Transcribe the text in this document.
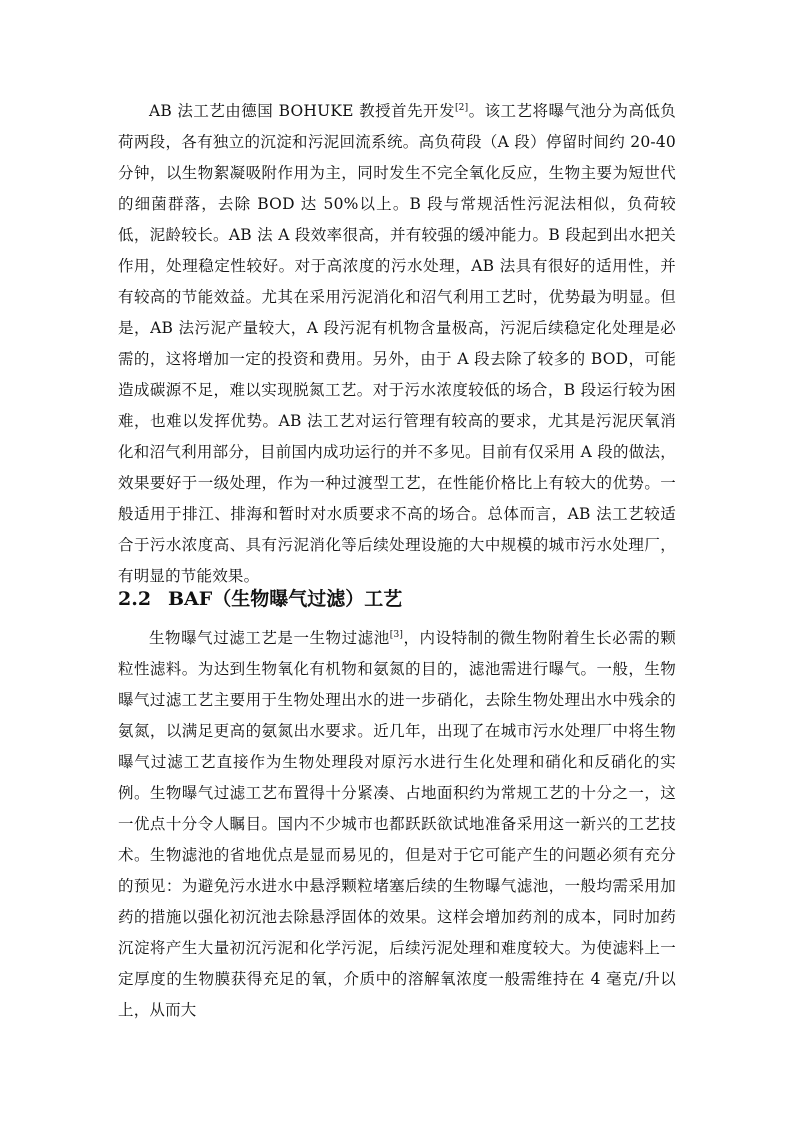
AB 法工艺由德国 BOHUKE 教授首先开发[2]。该工艺将曝气池分为高低负荷两段，各有独立的沉淀和污泥回流系统。高负荷段（A 段）停留时间约 20-40 分钟，以生物絮凝吸附作用为主，同时发生不完全氧化反应，生物主要为短世代的细菌群落，去除 BOD 达 50%以上。B 段与常规活性污泥法相似，负荷较低，泥龄较长。AB 法 A 段效率很高，并有较强的缓冲能力。B 段起到出水把关作用，处理稳定性较好。对于高浓度的污水处理，AB 法具有很好的适用性，并有较高的节能效益。尤其在采用污泥消化和沼气利用工艺时，优势最为明显。但是，AB 法污泥产量较大，A 段污泥有机物含量极高，污泥后续稳定化处理是必需的，这将增加一定的投资和费用。另外，由于 A 段去除了较多的 BOD，可能造成碳源不足，难以实现脱氮工艺。对于污水浓度较低的场合，B 段运行较为困难，也难以发挥优势。AB 法工艺对运行管理有较高的要求，尤其是污泥厌氧消化和沼气利用部分，目前国内成功运行的并不多见。目前有仅采用 A 段的做法，效果要好于一级处理，作为一种过渡型工艺，在性能价格比上有较大的优势。一般适用于排江、排海和暂时对水质要求不高的场合。总体而言，AB 法工艺较适合于污水浓度高、具有污泥消化等后续处理设施的大中规模的城市污水处理厂，有明显的节能效果。

2.2 BAF（生物曝气过滤）工艺

生物曝气过滤工艺是一生物过滤池[3]，内设特制的微生物附着生长必需的颗粒性滤料。为达到生物氧化有机物和氨氮的目的，滤池需进行曝气。一般，生物曝气过滤工艺主要用于生物处理出水的进一步硝化，去除生物处理出水中残余的氨氮，以满足更高的氨氮出水要求。近几年，出现了在城市污水处理厂中将生物曝气过滤工艺直接作为生物处理段对原污水进行生化处理和硝化和反硝化的实例。生物曝气过滤工艺布置得十分紧凑、占地面积约为常规工艺的十分之一，这一优点十分令人瞩目。国内不少城市也都跃跃欲试地准备采用这一新兴的工艺技术。生物滤池的省地优点是显而易见的，但是对于它可能产生的问题必须有充分的预见：为避免污水进水中悬浮颗粒堵塞后续的生物曝气滤池，一般均需采用加药的措施以强化初沉池去除悬浮固体的效果。这样会增加药剂的成本，同时加药沉淀将产生大量初沉污泥和化学污泥，后续污泥处理和难度较大。为使滤料上一定厚度的生物膜获得充足的氧，介质中的溶解氧浓度一般需维持在 4 毫克/升以上，从而大
